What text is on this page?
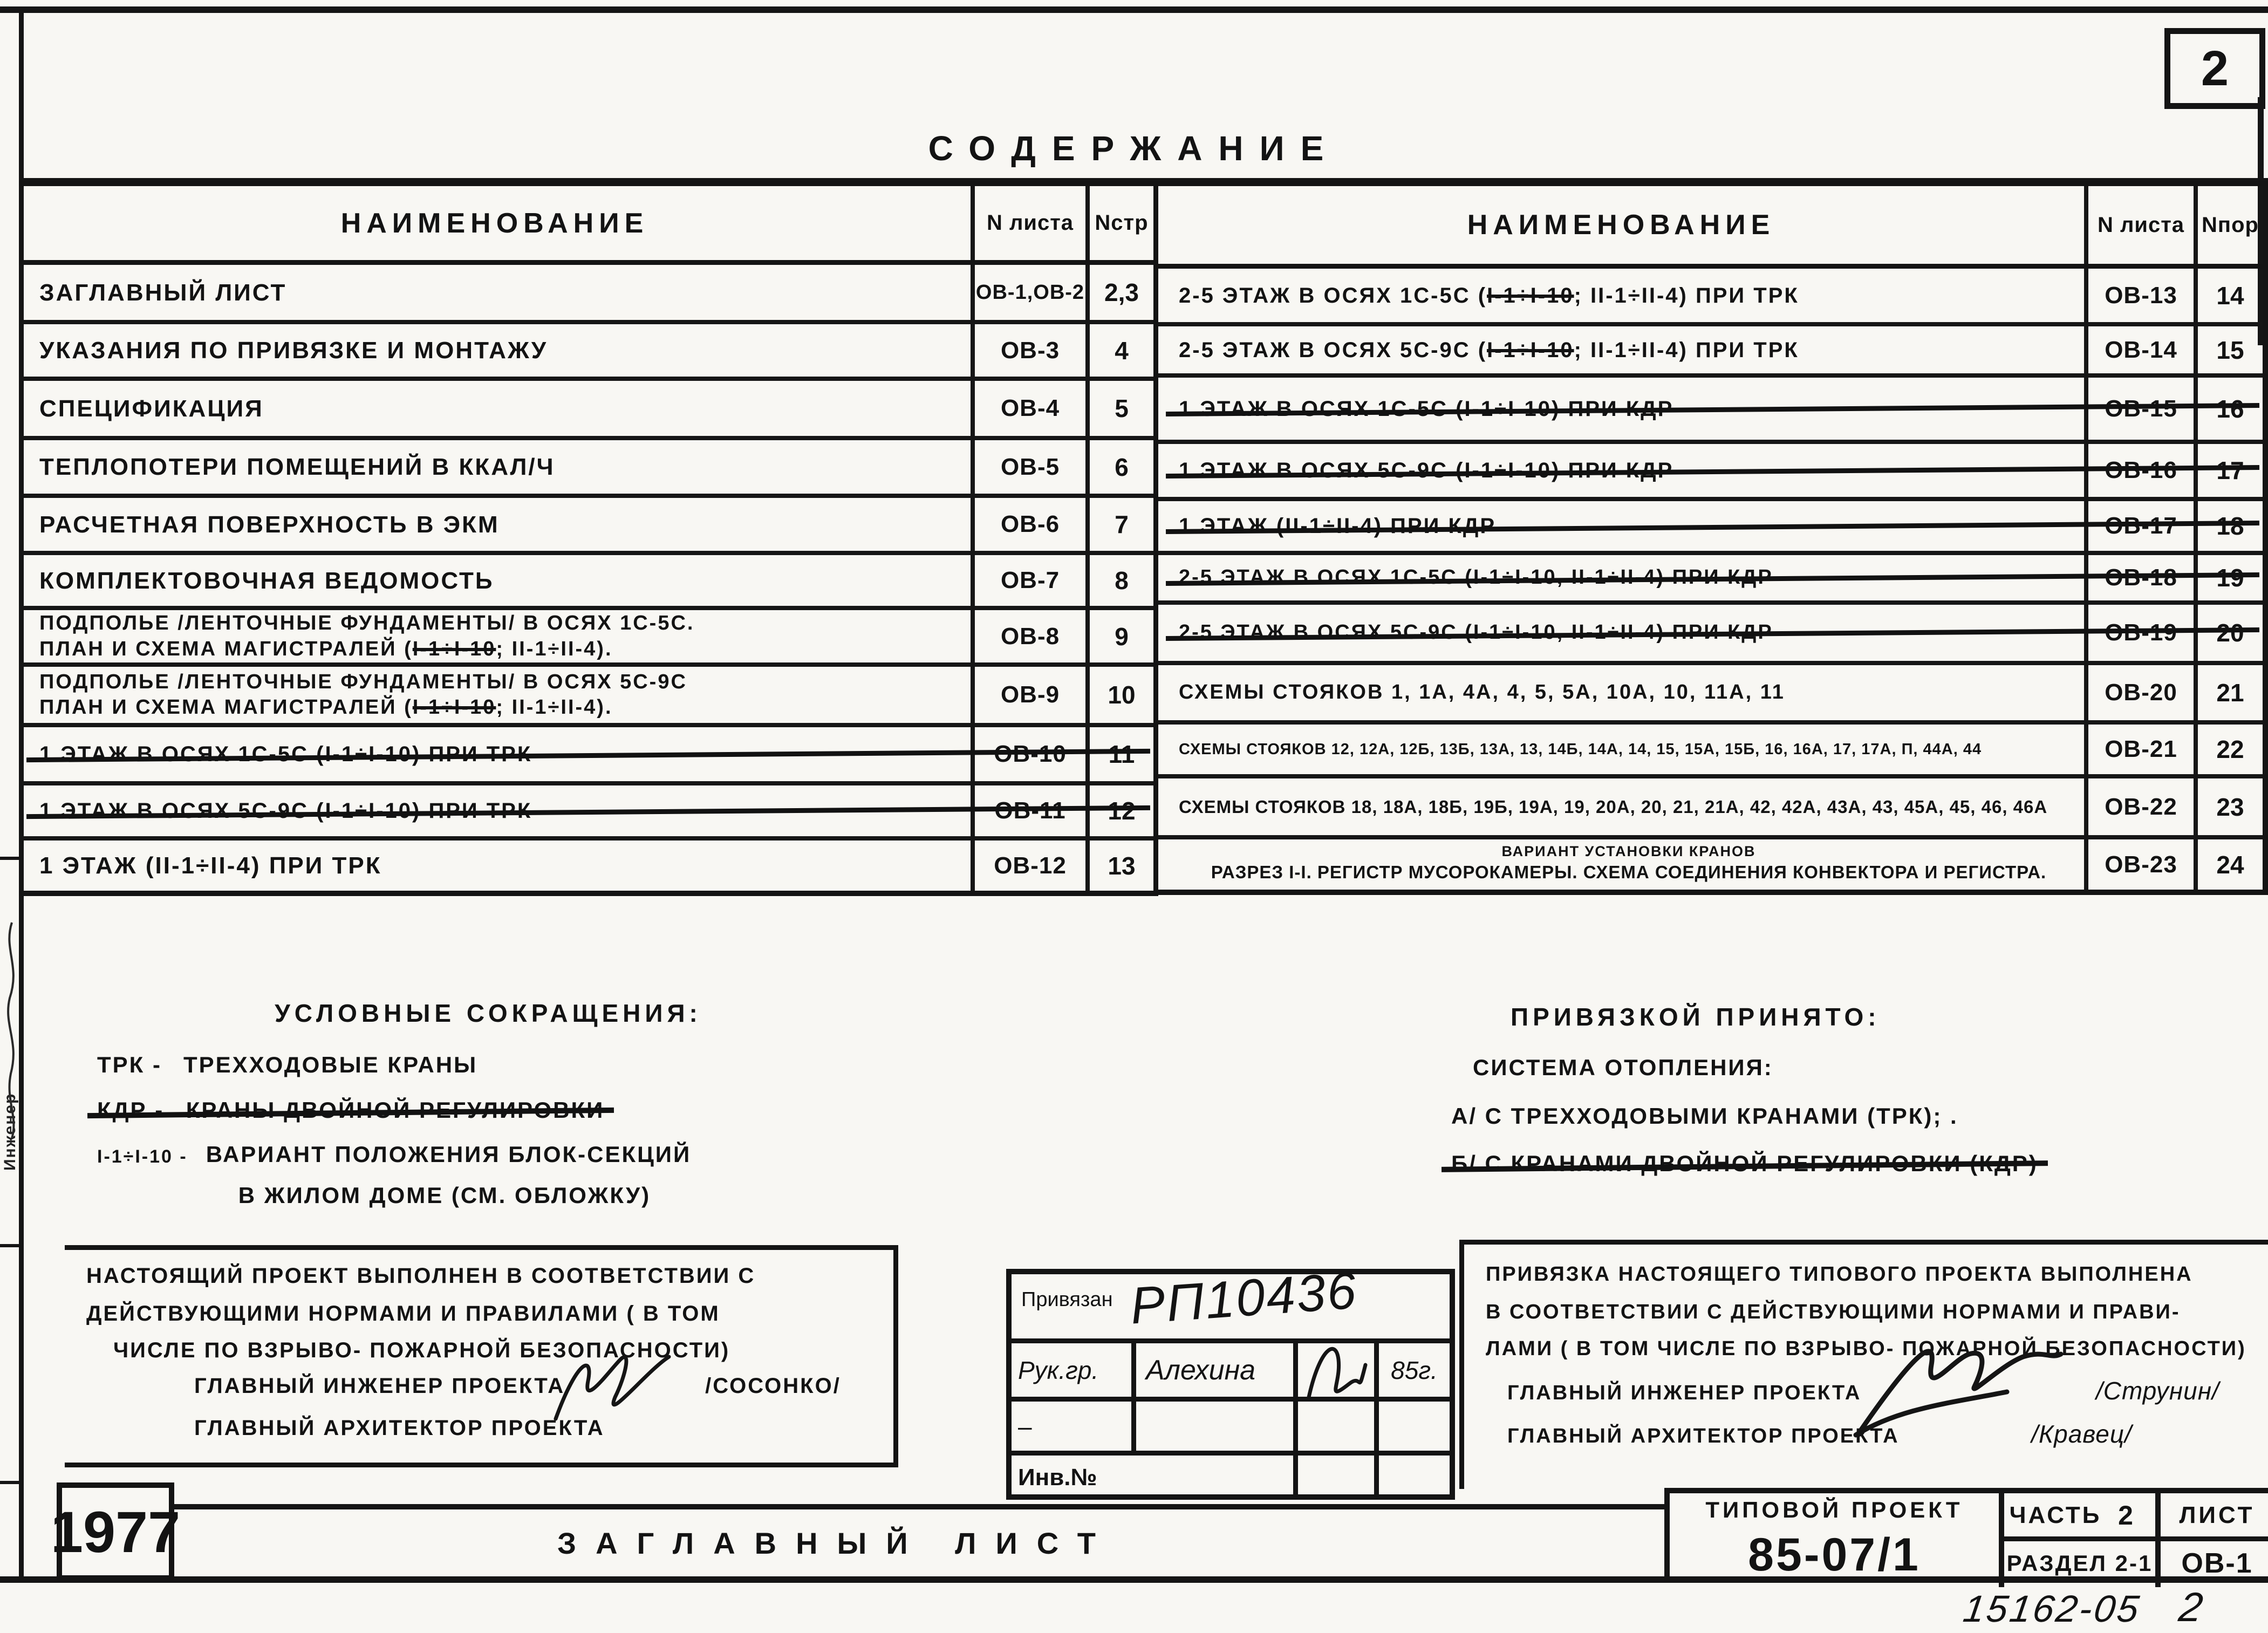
2
СОДЕРЖАНИЕ
НАИМЕНОВАНИЕ	N листа Nстр
ЗАГЛАВНЫЙ ЛИСТ	ОВ-1,ОВ-2 2,3
УКАЗАНИЯ ПО ПРИВЯЗКЕ И МОНТАЖУ	ОВ-3	4
СПЕЦИФИКАЦИЯ	ОВ-4	5
ТЕПЛОПОТЕРИ ПОМЕЩЕНИЙ В ККАЛ/Ч	ОВ-5	6
РАСЧЕТНАЯ ПОВЕРХНОСТЬ В ЭКМ	ОВ-6	7
КОМПЛЕКТОВОЧНАЯ ВЕДОМОСТЬ	ОВ-7	8
ПОДПОЛЬЕ /ЛЕНТОЧНЫЕ ФУНДАМЕНТЫ/ В ОСЯХ 1С-5С.
ПЛАН И СХЕМА МАГИСТРАЛЕЙ (I-1÷I-10; II-1÷II-4).	ОВ-8	9
ПОДПОЛЬЕ /ЛЕНТОЧНЫЕ ФУНДАМЕНТЫ/ В ОСЯХ 5С-9С
ПЛАН И СХЕМА МАГИСТРАЛЕЙ (I-1÷I-10; II-1÷II-4).	ОВ-9	10
1 ЭТАЖ В ОСЯХ 1С-5С (I-1÷I-10) ПРИ ТРК	ОВ-10	11
1 ЭТАЖ В ОСЯХ 5С-9С (I-1÷I-10) ПРИ ТРК	ОВ-11	12
1 ЭТАЖ (II-1÷II-4) ПРИ ТРК	ОВ-12	13
НАИМЕНОВАНИЕ	N листа Nпор
2-5 ЭТАЖ В ОСЯХ 1С-5С (I-1÷I-10; II-1÷II-4) ПРИ ТРК	ОВ-13	14
2-5 ЭТАЖ В ОСЯХ 5С-9С (I-1÷I-10; II-1÷II-4) ПРИ ТРК	ОВ-14	15
1 ЭТАЖ В ОСЯХ 1С-5С (I-1÷I-10) ПРИ КДР	ОВ-15	16
1 ЭТАЖ В ОСЯХ 5С-9С (I-1÷I-10) ПРИ КДР	ОВ-16	17
1 ЭТАЖ (II-1÷II-4) ПРИ КДР	ОВ-17	18
2-5 ЭТАЖ В ОСЯХ 1С-5С (I-1÷I-10, II-1÷II-4) ПРИ КДР	ОВ-18	19
2-5 ЭТАЖ В ОСЯХ 5С-9С (I-1÷I-10, II-1÷II-4) ПРИ КДР	ОВ-19	20
СХЕМЫ СТОЯКОВ 1, 1А, 4А, 4, 5, 5А, 10А, 10, 11А, 11	ОВ-20	21
СХЕМЫ СТОЯКОВ 12, 12А, 12Б, 13Б, 13А, 13, 14Б, 14А, 14, 15, 15А, 15Б, 16, 16А, 17, 17А, П, 44А, 44	ОВ-21	22
СХЕМЫ СТОЯКОВ 18, 18А, 18Б, 19Б, 19А, 19, 20А, 20, 21, 21А, 42, 42А, 43А, 43, 45А, 45, 46, 46А	ОВ-22	23
ВАРИАНТ УСТАНОВКИ КРАНОВ
РАЗРЕЗ I-I. РЕГИСТР МУСОРОКАМЕРЫ. СХЕМА СОЕДИНЕНИЯ КОНВЕКТОРА И РЕГИСТРА.	ОВ-23	24
УСЛОВНЫЕ СОКРАЩЕНИЯ:
ТРК - ТРЕХХОДОВЫЕ КРАНЫ
КДР - КРАНЫ ДВОЙНОЙ РЕГУЛИРОВКИ
I-1÷I-10 - ВАРИАНТ ПОЛОЖЕНИЯ БЛОК-СЕКЦИЙ
В ЖИЛОМ ДОМЕ (СМ. ОБЛОЖКУ)
ПРИВЯЗКОЙ ПРИНЯТО:
СИСТЕМА ОТОПЛЕНИЯ:
А/ С ТРЕХХОДОВЫМИ КРАНАМИ (ТРК); .
Б/ С КРАНАМИ ДВОЙНОЙ РЕГУЛИРОВКИ (КДР)
НАСТОЯЩИЙ ПРОЕКТ ВЫПОЛНЕН В СООТВЕТСТВИИ С
ДЕЙСТВУЮЩИМИ НОРМАМИ И ПРАВИЛАМИ ( В ТОМ
ЧИСЛЕ ПО ВЗРЫВО- ПОЖАРНОЙ БЕЗОПАСНОСТИ)
ГЛАВНЫЙ ИНЖЕНЕР ПРОЕКТА	/СОСОНКО/
ГЛАВНЫЙ АРХИТЕКТОР ПРОЕКТА
Привязан РП10436
Рук.гр.	Алехина	85г.
–
Инв.№
ПРИВЯЗКА НАСТОЯЩЕГО ТИПОВОГО ПРОЕКТА ВЫПОЛНЕНА
В СООТВЕТСТВИИ С ДЕЙСТВУЮЩИМИ НОРМАМИ И ПРАВИ-
ЛАМИ ( В ТОМ ЧИСЛЕ ПО ВЗРЫВО- ПОЖАРНОЙ БЕЗОПАСНОСТИ)
ГЛАВНЫЙ ИНЖЕНЕР ПРОЕКТА	/Струнин/
ГЛАВНЫЙ АРХИТЕКТОР ПРОЕКТА	/Кравец/
1977	ЗАГЛАВНЫЙ ЛИСТ
ТИПОВОЙ ПРОЕКТ
85-07/1
ЧАСТЬ 2
РАЗДЕЛ 2-1
ЛИСТ
ОВ-1
15162-05 2
Инженер
